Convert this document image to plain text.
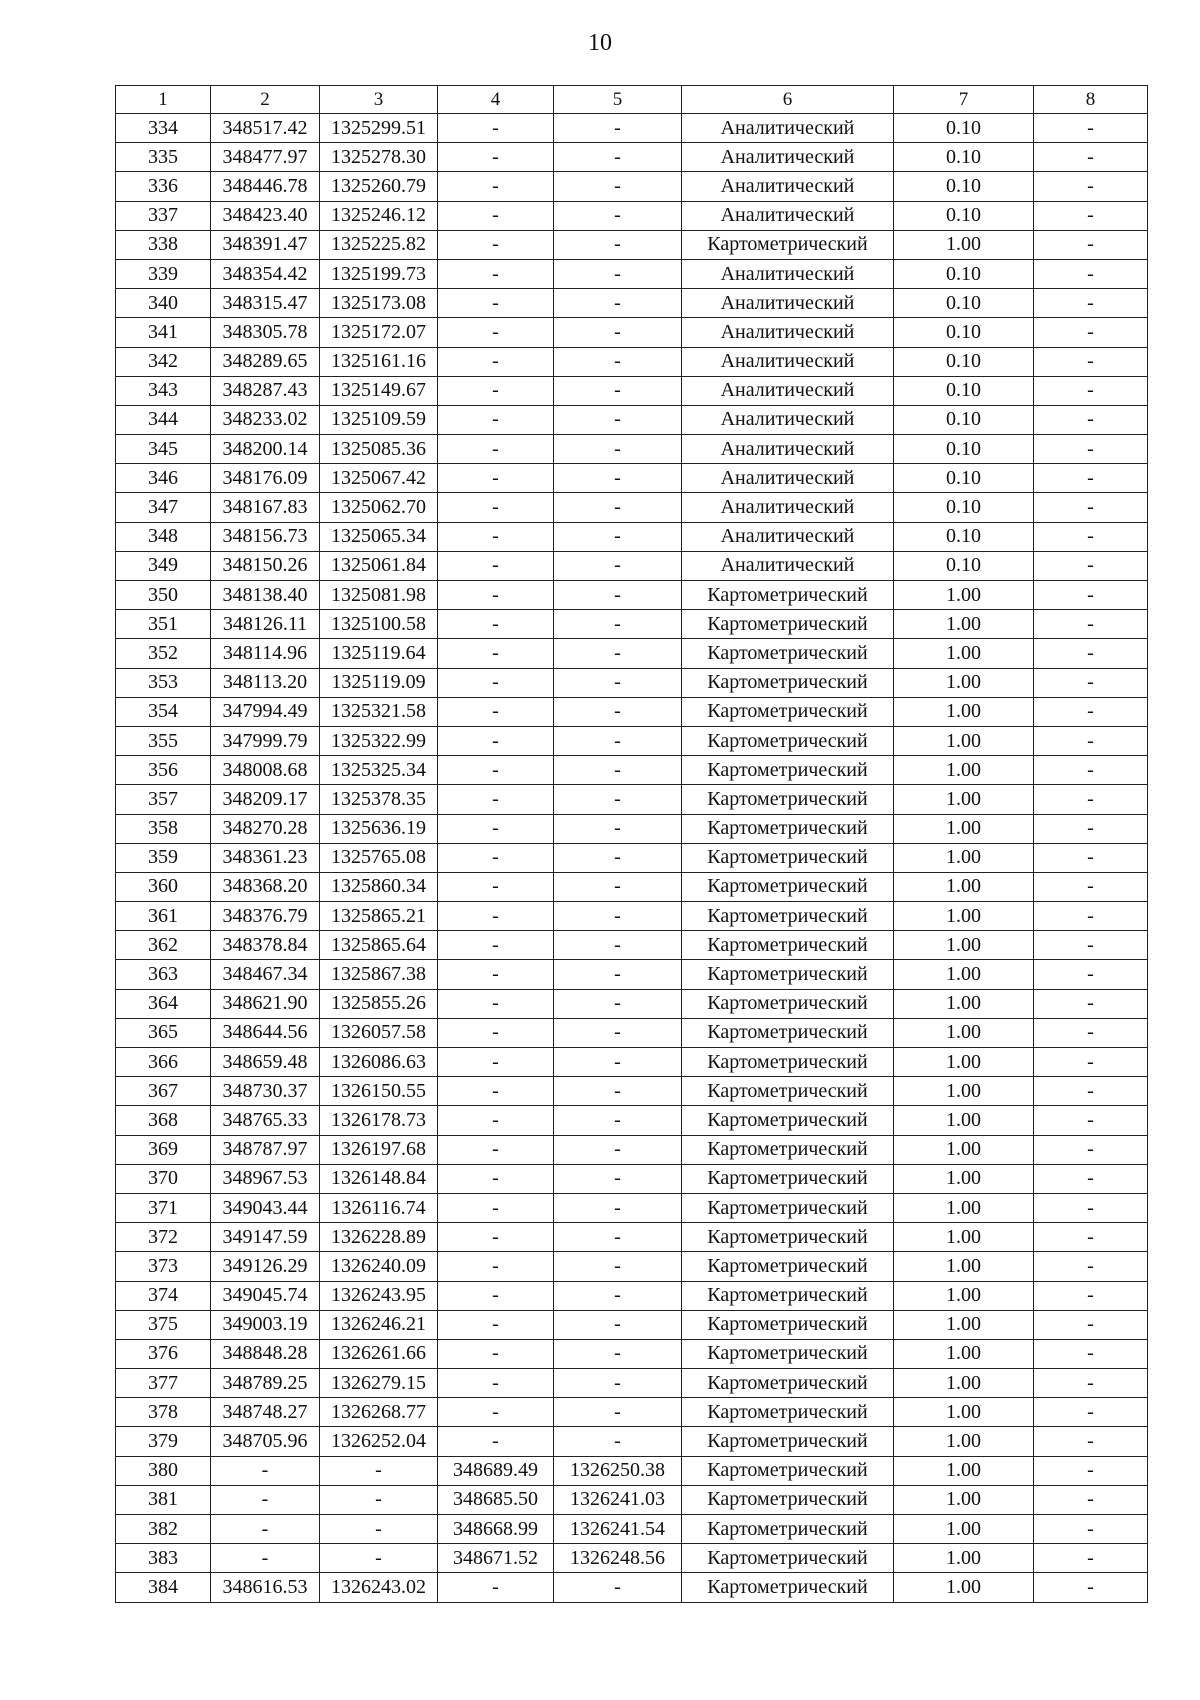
10
1	2	3	4	5	6	7	8
334	348517.42	1325299.51	-	-	Аналитический	0.10	-
335	348477.97	1325278.30	-	-	Аналитический	0.10	-
336	348446.78	1325260.79	-	-	Аналитический	0.10	-
337	348423.40	1325246.12	-	-	Аналитический	0.10	-
338	348391.47	1325225.82	-	-	Картометрический	1.00	-
339	348354.42	1325199.73	-	-	Аналитический	0.10	-
340	348315.47	1325173.08	-	-	Аналитический	0.10	-
341	348305.78	1325172.07	-	-	Аналитический	0.10	-
342	348289.65	1325161.16	-	-	Аналитический	0.10	-
343	348287.43	1325149.67	-	-	Аналитический	0.10	-
344	348233.02	1325109.59	-	-	Аналитический	0.10	-
345	348200.14	1325085.36	-	-	Аналитический	0.10	-
346	348176.09	1325067.42	-	-	Аналитический	0.10	-
347	348167.83	1325062.70	-	-	Аналитический	0.10	-
348	348156.73	1325065.34	-	-	Аналитический	0.10	-
349	348150.26	1325061.84	-	-	Аналитический	0.10	-
350	348138.40	1325081.98	-	-	Картометрический	1.00	-
351	348126.11	1325100.58	-	-	Картометрический	1.00	-
352	348114.96	1325119.64	-	-	Картометрический	1.00	-
353	348113.20	1325119.09	-	-	Картометрический	1.00	-
354	347994.49	1325321.58	-	-	Картометрический	1.00	-
355	347999.79	1325322.99	-	-	Картометрический	1.00	-
356	348008.68	1325325.34	-	-	Картометрический	1.00	-
357	348209.17	1325378.35	-	-	Картометрический	1.00	-
358	348270.28	1325636.19	-	-	Картометрический	1.00	-
359	348361.23	1325765.08	-	-	Картометрический	1.00	-
360	348368.20	1325860.34	-	-	Картометрический	1.00	-
361	348376.79	1325865.21	-	-	Картометрический	1.00	-
362	348378.84	1325865.64	-	-	Картометрический	1.00	-
363	348467.34	1325867.38	-	-	Картометрический	1.00	-
364	348621.90	1325855.26	-	-	Картометрический	1.00	-
365	348644.56	1326057.58	-	-	Картометрический	1.00	-
366	348659.48	1326086.63	-	-	Картометрический	1.00	-
367	348730.37	1326150.55	-	-	Картометрический	1.00	-
368	348765.33	1326178.73	-	-	Картометрический	1.00	-
369	348787.97	1326197.68	-	-	Картометрический	1.00	-
370	348967.53	1326148.84	-	-	Картометрический	1.00	-
371	349043.44	1326116.74	-	-	Картометрический	1.00	-
372	349147.59	1326228.89	-	-	Картометрический	1.00	-
373	349126.29	1326240.09	-	-	Картометрический	1.00	-
374	349045.74	1326243.95	-	-	Картометрический	1.00	-
375	349003.19	1326246.21	-	-	Картометрический	1.00	-
376	348848.28	1326261.66	-	-	Картометрический	1.00	-
377	348789.25	1326279.15	-	-	Картометрический	1.00	-
378	348748.27	1326268.77	-	-	Картометрический	1.00	-
379	348705.96	1326252.04	-	-	Картометрический	1.00	-
380	-	-	348689.49	1326250.38	Картометрический	1.00	-
381	-	-	348685.50	1326241.03	Картометрический	1.00	-
382	-	-	348668.99	1326241.54	Картометрический	1.00	-
383	-	-	348671.52	1326248.56	Картометрический	1.00	-
384	348616.53	1326243.02	-	-	Картометрический	1.00	-
